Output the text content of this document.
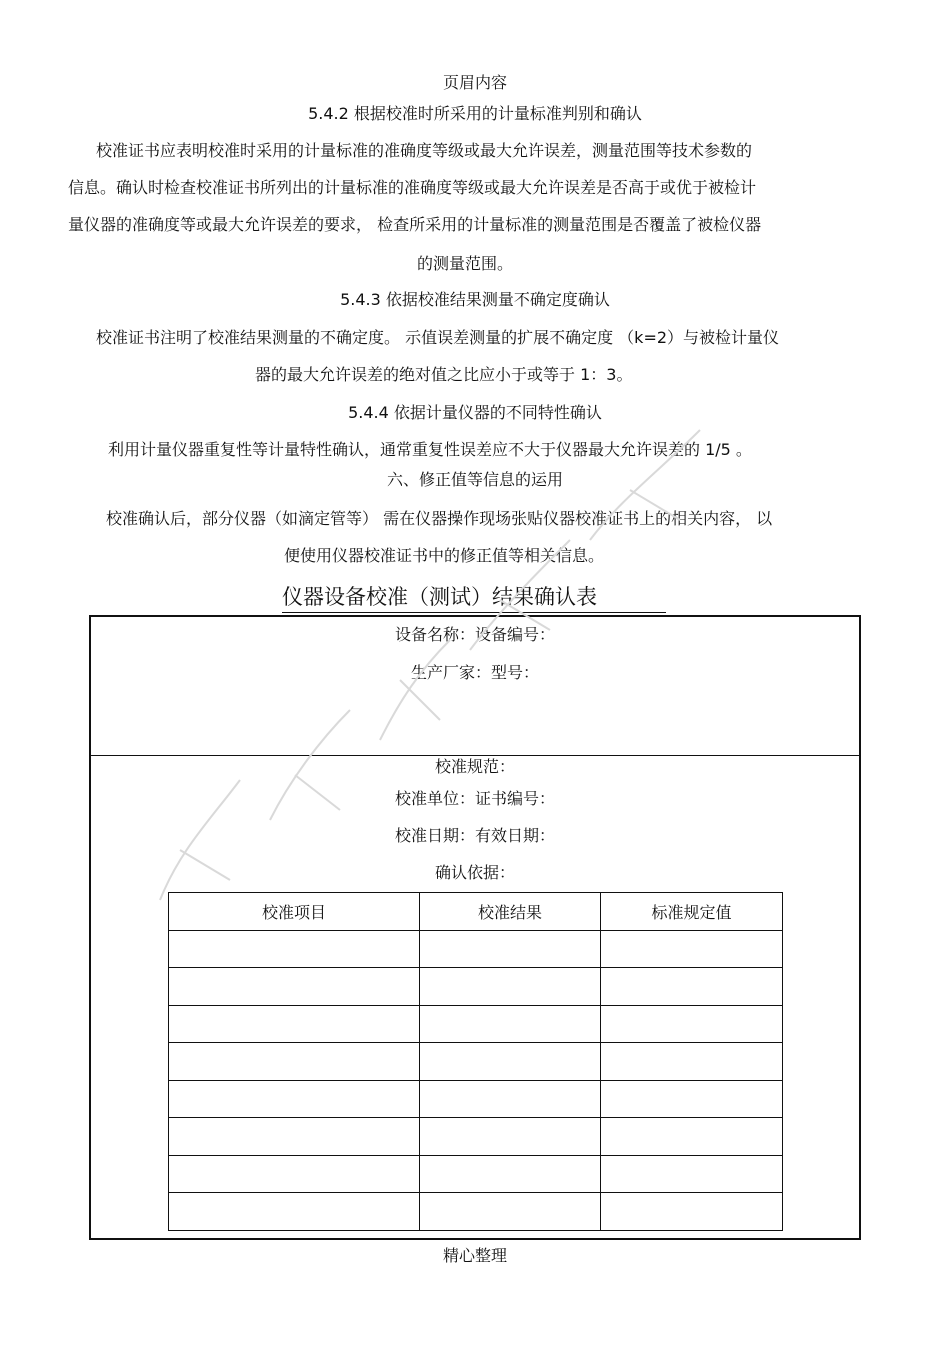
页眉内容
5.4.2 根据校准时所采用的计量标准判别和确认
校准证书应表明校准时采用的计量标准的准确度等级或最大允许误差，测量范围等技术参数的
信息。确认时检查校准证书所列出的计量标准的准确度等级或最大允许误差是否高于或优于被检计
量仪器的准确度等或最大允许误差的要求， 检查所采用的计量标准的测量范围是否覆盖了被检仪器
的测量范围。
5.4.3 依据校准结果测量不确定度确认
校准证书注明了校准结果测量的不确定度。 示值误差测量的扩展不确定度 （k=2）与被检计量仪
器的最大允许误差的绝对值之比应小于或等于 1：3。
5.4.4 依据计量仪器的不同特性确认
利用计量仪器重复性等计量特性确认，通常重复性误差应不大于仪器最大允许误差的 1/5 。
六、修正值等信息的运用
校准确认后，部分仪器（如滴定管等） 需在仪器操作现场张贴仪器校准证书上的相关内容， 以
便使用仪器校准证书中的修正值等相关信息。
仪器设备校准（测试）结果确认表
设备名称：设备编号：
生产厂家：型号：
校准规范：
校准单位：证书编号：
校准日期：有效日期：
确认依据：
校准项目	校准结果	标准规定值

精心整理
